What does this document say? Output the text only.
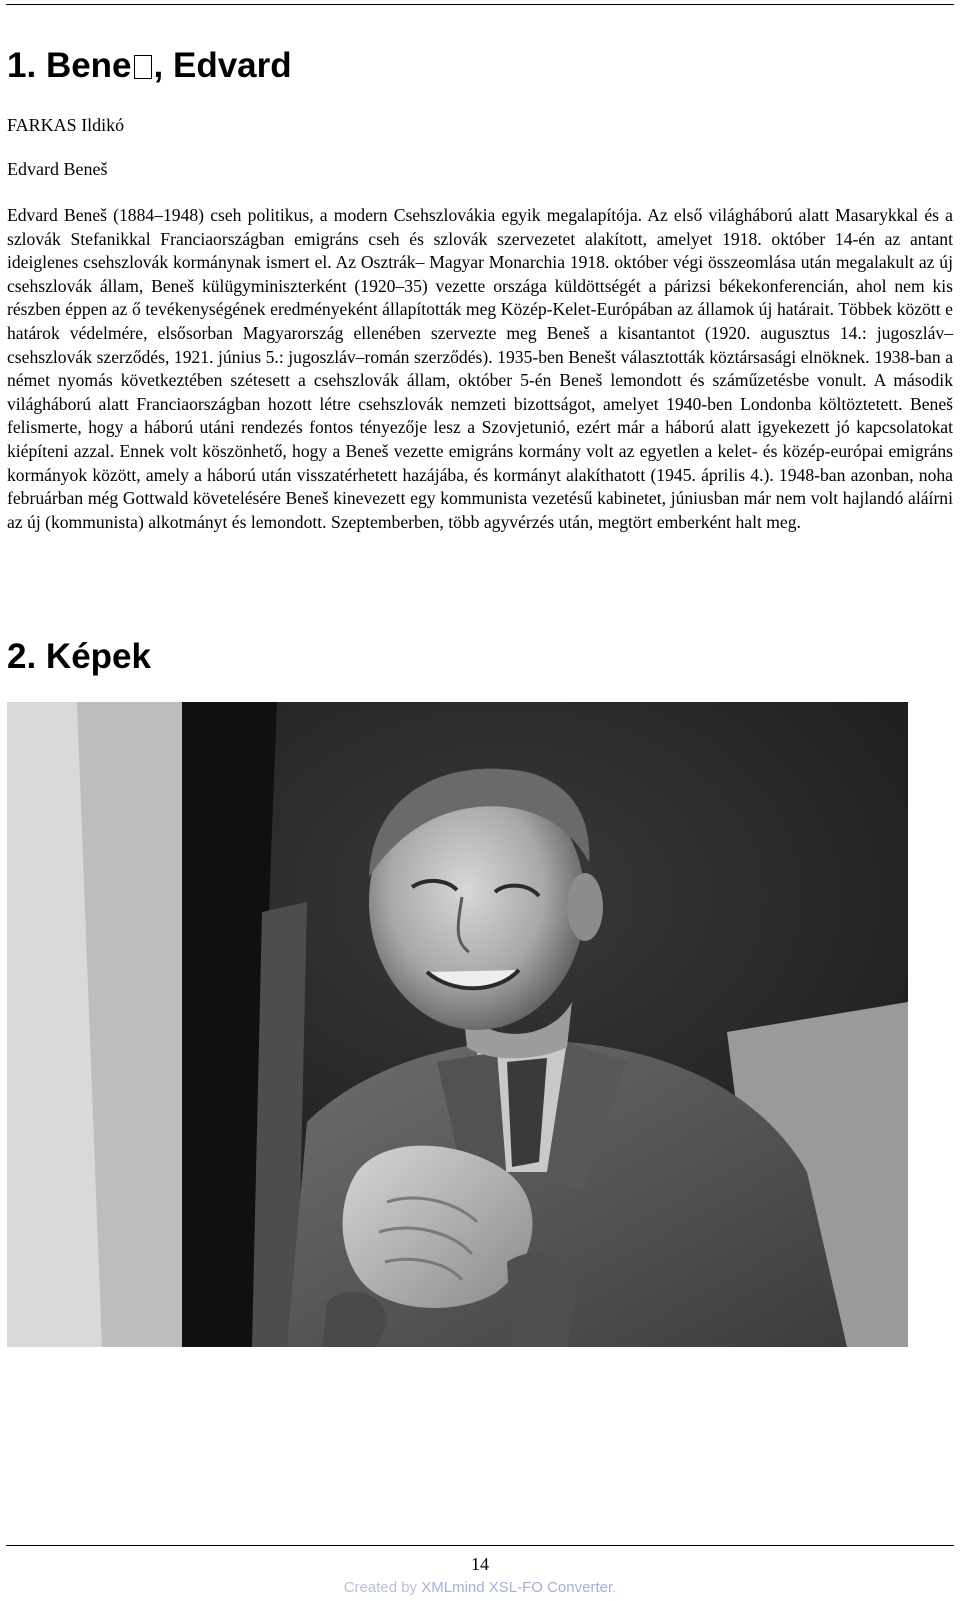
1. Bene , Edvard

FARKAS Ildikó

Edvard Beneš

Edvard Beneš (1884–1948) cseh politikus, a modern Csehszlovákia egyik megalapítója. Az első világháború alatt Masarykkal és a szlovák Stefanikkal Franciaországban emigráns cseh és szlovák szervezetet alakított, amelyet 1918. október 14-én az antant ideiglenes csehszlovák kormánynak ismert el. Az Osztrák– Magyar Monarchia 1918. október végi összeomlása után megalakult az új csehszlovák állam, Beneš külügyminiszterként (1920–35) vezette országa küldöttségét a párizsi békekonferencián, ahol nem kis részben éppen az ő tevékenységének eredményeként állapították meg Közép-Kelet-Európában az államok új határait. Többek között e határok védelmére, elsősorban Magyarország ellenében szervezte meg Beneš a kisantantot (1920. augusztus 14.: jugoszláv–csehszlovák szerződés, 1921. június 5.: jugoszláv–román szerződés). 1935-ben Benešt választották köztársasági elnöknek. 1938-ban a német nyomás következtében szétesett a csehszlovák állam, október 5-én Beneš lemondott és száműzetésbe vonult. A második világháború alatt Franciaországban hozott létre csehszlovák nemzeti bizottságot, amelyet 1940-ben Londonba költöztetett. Beneš felismerte, hogy a háború utáni rendezés fontos tényezője lesz a Szovjetunió, ezért már a háború alatt igyekezett jó kapcsolatokat kiépíteni azzal. Ennek volt köszönhető, hogy a Beneš vezette emigráns kormány volt az egyetlen a kelet- és közép-európai emigráns kormányok között, amely a háború után visszatérhetett hazájába, és kormányt alakíthatott (1945. április 4.). 1948-ban azonban, noha februárban még Gottwald követelésére Beneš kinevezett egy kommunista vezetésű kabinetet, júniusban már nem volt hajlandó aláírni az új (kommunista) alkotmányt és lemondott. Szeptemberben, több agyvérzés után, megtört emberként halt meg.

2. Képek
14
Created by XMLmind XSL-FO Converter.
